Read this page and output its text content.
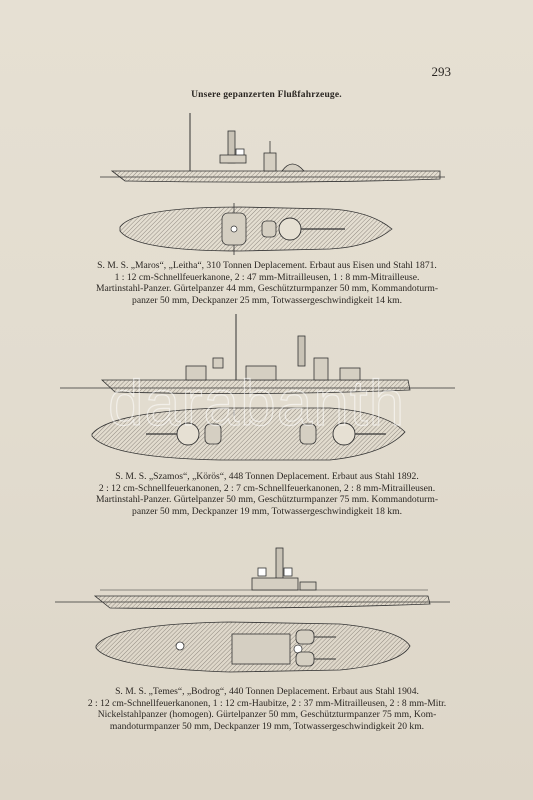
293
Unsere gepanzerten Flußfahrzeuge.
S. M. S. „Maros“, „Leitha“, 310 Tonnen Deplacement. Erbaut aus Eisen und Stahl 1871.
1 : 12 cm-Schnellfeuerkanone, 2 : 47 mm-Mitrailleusen, 1 : 8 mm-Mitrailleuse.
Martinstahl-Panzer. Gürtelpanzer 44 mm, Geschützturmpanzer 50 mm, Kommandoturm-
panzer 50 mm, Deckpanzer 25 mm, Totwassergeschwindigkeit 14 km.
S. M. S. „Szamos“, „Körös“, 448 Tonnen Deplacement. Erbaut aus Stahl 1892.
2 : 12 cm-Schnellfeuerkanonen, 2 : 7 cm-Schnellfeuerkanonen, 2 : 8 mm-Mitrailleusen.
Martinstahl-Panzer. Gürtelpanzer 50 mm, Geschützturmpanzer 75 mm. Kommandoturm-
panzer 50 mm, Deckpanzer 19 mm, Totwassergeschwindigkeit 18 km.
S. M. S. „Temes“, „Bodrog“, 440 Tonnen Deplacement. Erbaut aus Stahl 1904.
2 : 12 cm-Schnellfeuerkanonen, 1 : 12 cm-Haubitze, 2 : 37 mm-Mitrailleusen, 2 : 8 mm-Mitr.
Nickelstahlpanzer (homogen). Gürtelpanzer 50 mm, Geschützturmpanzer 75 mm, Kom-
mandoturmpanzer 50 mm, Deckpanzer 19 mm, Totwassergeschwindigkeit 20 km.
darabanth
